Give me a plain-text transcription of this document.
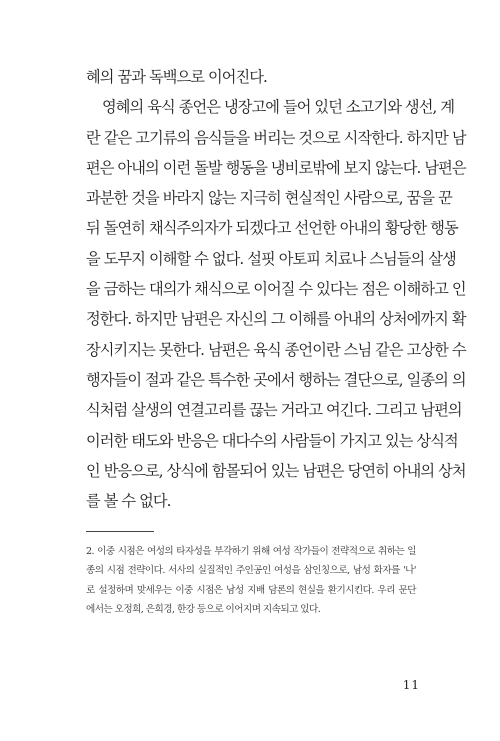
혜의 꿈과 독백으로 이어진다.
영혜의 육식 종언은 냉장고에 들어 있던 소고기와 생선, 계
란 같은 고기류의 음식들을 버리는 것으로 시작한다. 하지만 남
편은 아내의 이런 돌발 행동을 냉비로밖에 보지 않는다. 남편은
과분한 것을 바라지 않는 지극히 현실적인 사람으로, 꿈을 꾼
뒤 돌연히 채식주의자가 되겠다고 선언한 아내의 황당한 행동
을 도무지 이해할 수 없다. 설핏 아토피 치료나 스님들의 살생
을 금하는 대의가 채식으로 이어질 수 있다는 점은 이해하고 인
정한다. 하지만 남편은 자신의 그 이해를 아내의 상처에까지 확
장시키지는 못한다. 남편은 육식 종언이란 스님 같은 고상한 수
행자들이 절과 같은 특수한 곳에서 행하는 결단으로, 일종의 의
식처럼 살생의 연결고리를 끊는 거라고 여긴다. 그리고 남편의
이러한 태도와 반응은 대다수의 사람들이 가지고 있는 상식적
인 반응으로, 상식에 함몰되어 있는 남편은 당연히 아내의 상처
를 볼 수 없다.
2. 이중 시점은 여성의 타자성을 부각하기 위해 여성 작가들이 전략적으로 취하는 일
종의 시점 전략이다. 서사의 실질적인 주인공인 여성을 삼인칭으로, 남성 화자를 '나'
로 설정하며 맞세우는 이중 시점은 남성 지배 담론의 현실을 환기시킨다. 우리 문단
에서는 오정희, 은희경, 한강 등으로 이어지며 지속되고 있다.
11
